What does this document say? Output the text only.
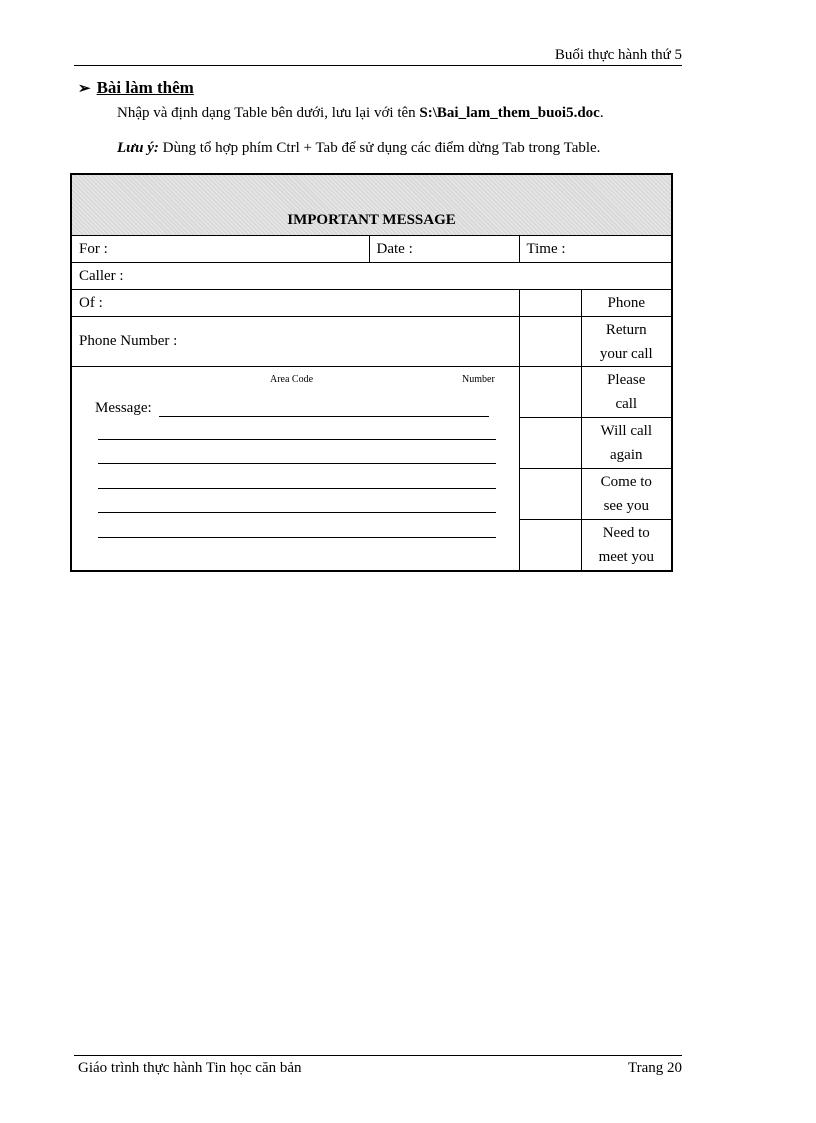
Buổi thực hành thứ 5
➢ Bài làm thêm
Nhập và định dạng Table bên dưới, lưu lại với tên S:\Bai_lam_them_buoi5.doc.
Lưu ý: Dùng tổ hợp phím Ctrl + Tab để sử dụng các điểm dừng Tab trong Table.
IMPORTANT MESSAGE			
For :	Date :	Time :	
Caller :			
Of :			Phone
Phone Number :			Return
your call

Area Code Number
Message:			Please
call
			Will call
again
			Come to
see you
			Need to
meet you
Giáo trình thực hành Tin học căn bản	Trang 20
